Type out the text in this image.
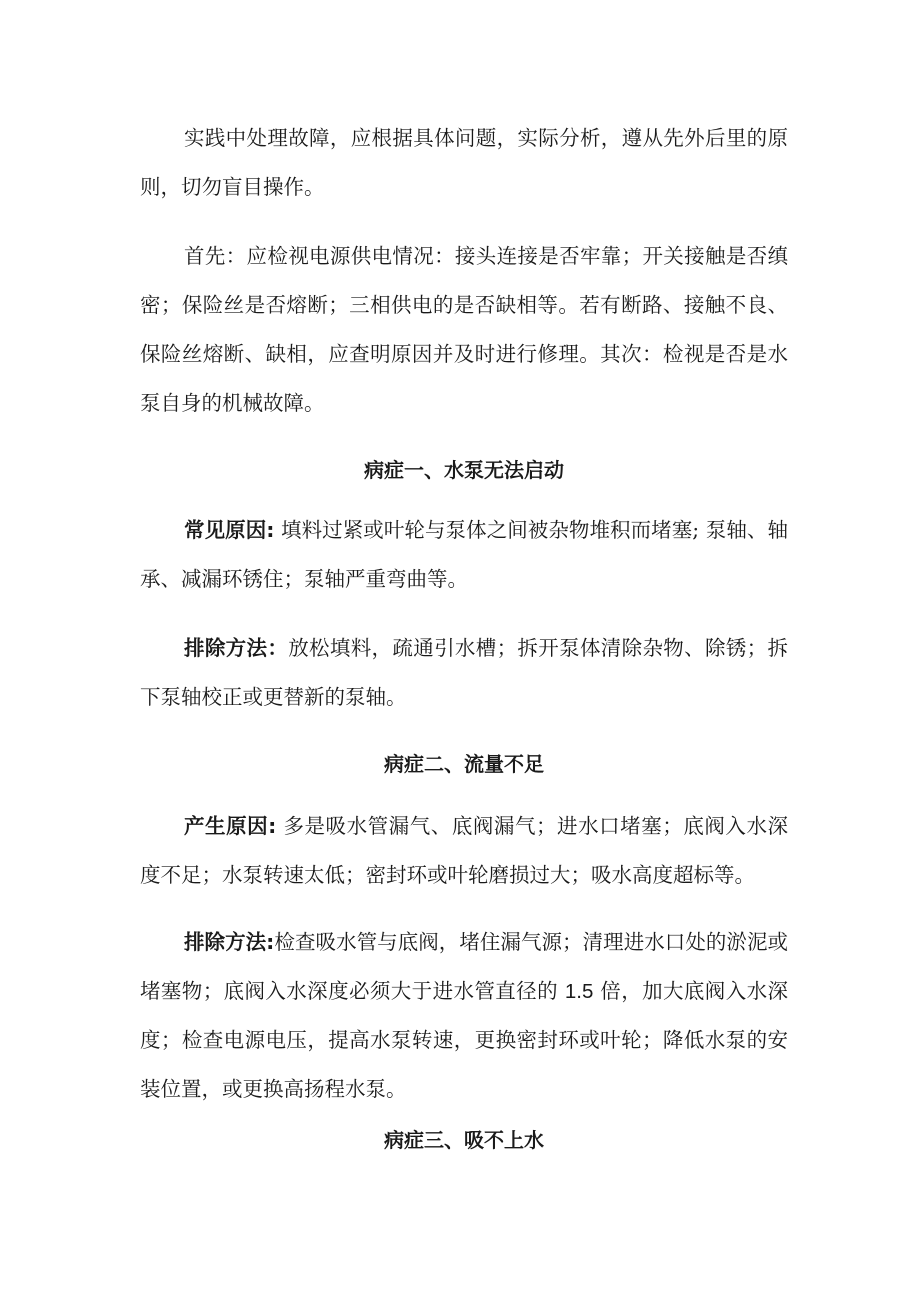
实践中处理故障，应根据具体问题，实际分析，遵从先外后里的原则，切勿盲目操作。

首先：应检视电源供电情况：接头连接是否牢靠；开关接触是否缜密；保险丝是否熔断；三相供电的是否缺相等。若有断路、接触不良、保险丝熔断、缺相，应查明原因并及时进行修理。其次：检视是否是水泵自身的机械故障。

病症一、水泵无法启动

常见原因: 填料过紧或叶轮与泵体之间被杂物堆积而堵塞; 泵轴、轴承、减漏环锈住；泵轴严重弯曲等。

排除方法：放松填料，疏通引水槽；拆开泵体清除杂物、除锈；拆下泵轴校正或更替新的泵轴。

病症二、流量不足

产生原因: 多是吸水管漏气、底阀漏气；进水口堵塞；底阀入水深度不足；水泵转速太低；密封环或叶轮磨损过大；吸水高度超标等。

排除方法:检查吸水管与底阀，堵住漏气源；清理进水口处的淤泥或堵塞物；底阀入水深度必须大于进水管直径的 1.5 倍，加大底阀入水深度；检查电源电压，提高水泵转速，更换密封环或叶轮；降低水泵的安装位置，或更换高扬程水泵。

病症三、吸不上水
